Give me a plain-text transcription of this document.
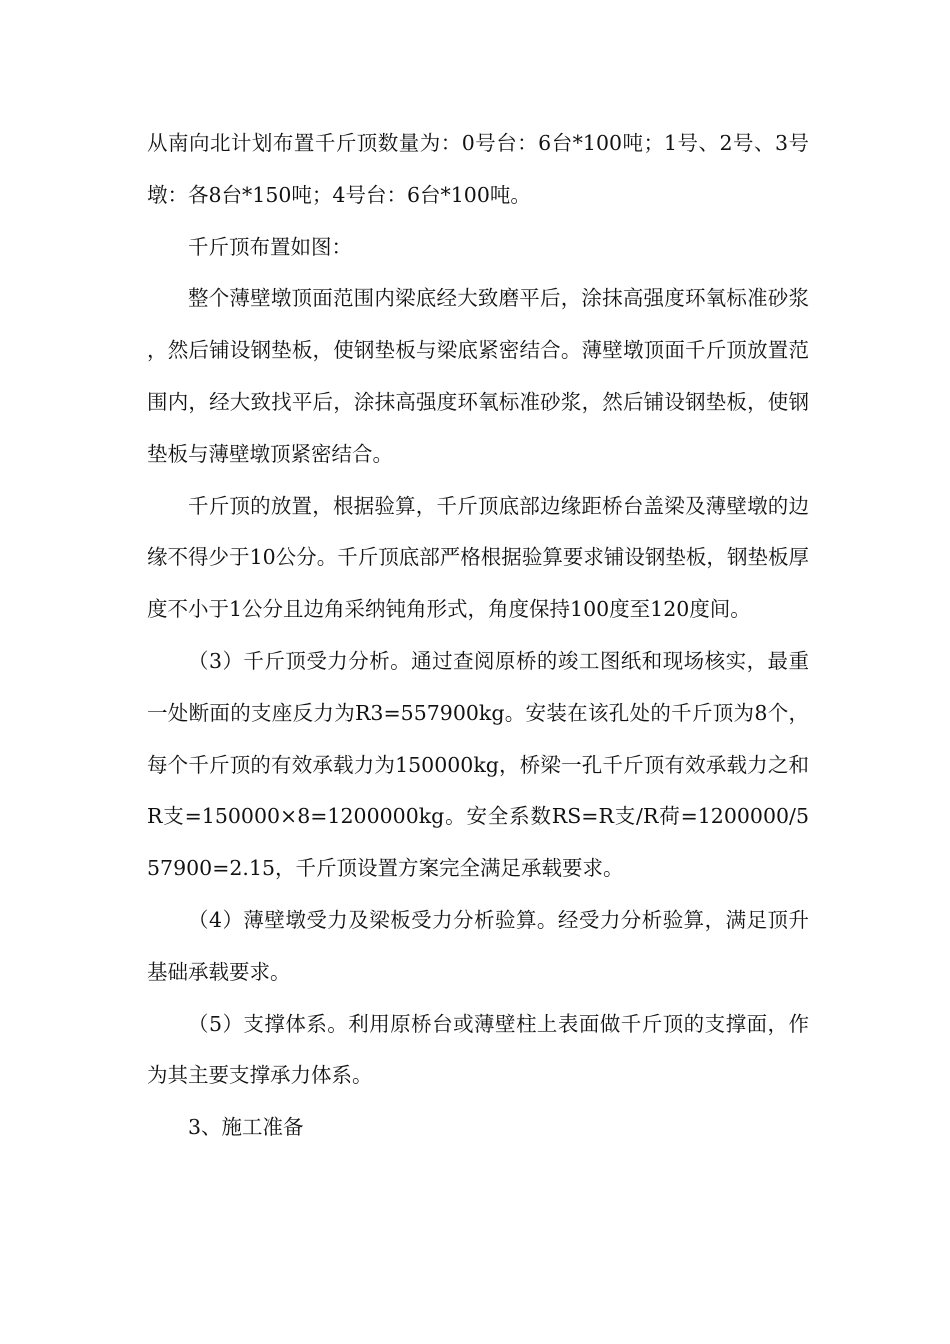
从南向北计划布置千斤顶数量为：0号台：6台*100吨；1号、2号、3号墩：各8台*150吨；4号台：6台*100吨。

千斤顶布置如图：

整个薄壁墩顶面范围内梁底经大致磨平后，涂抹高强度环氧标准砂浆，然后铺设钢垫板，使钢垫板与梁底紧密结合。薄壁墩顶面千斤顶放置范围内，经大致找平后，涂抹高强度环氧标准砂浆，然后铺设钢垫板，使钢垫板与薄壁墩顶紧密结合。

千斤顶的放置，根据验算，千斤顶底部边缘距桥台盖梁及薄壁墩的边缘不得少于10公分。千斤顶底部严格根据验算要求铺设钢垫板，钢垫板厚度不小于1公分且边角采纳钝角形式，角度保持100度至120度间。

（3）千斤顶受力分析。通过查阅原桥的竣工图纸和现场核实，最重一处断面的支座反力为R3=557900kg。安装在该孔处的千斤顶为8个，每个千斤顶的有效承载力为150000kg，桥梁一孔千斤顶有效承载力之和R支=150000×8=1200000kg。安全系数RS=R支/R荷=1200000/557900=2.15，千斤顶设置方案完全满足承载要求。

（4）薄壁墩受力及梁板受力分析验算。经受力分析验算，满足顶升基础承载要求。

（5）支撑体系。利用原桥台或薄壁柱上表面做千斤顶的支撑面，作为其主要支撑承力体系。

3、施工准备
